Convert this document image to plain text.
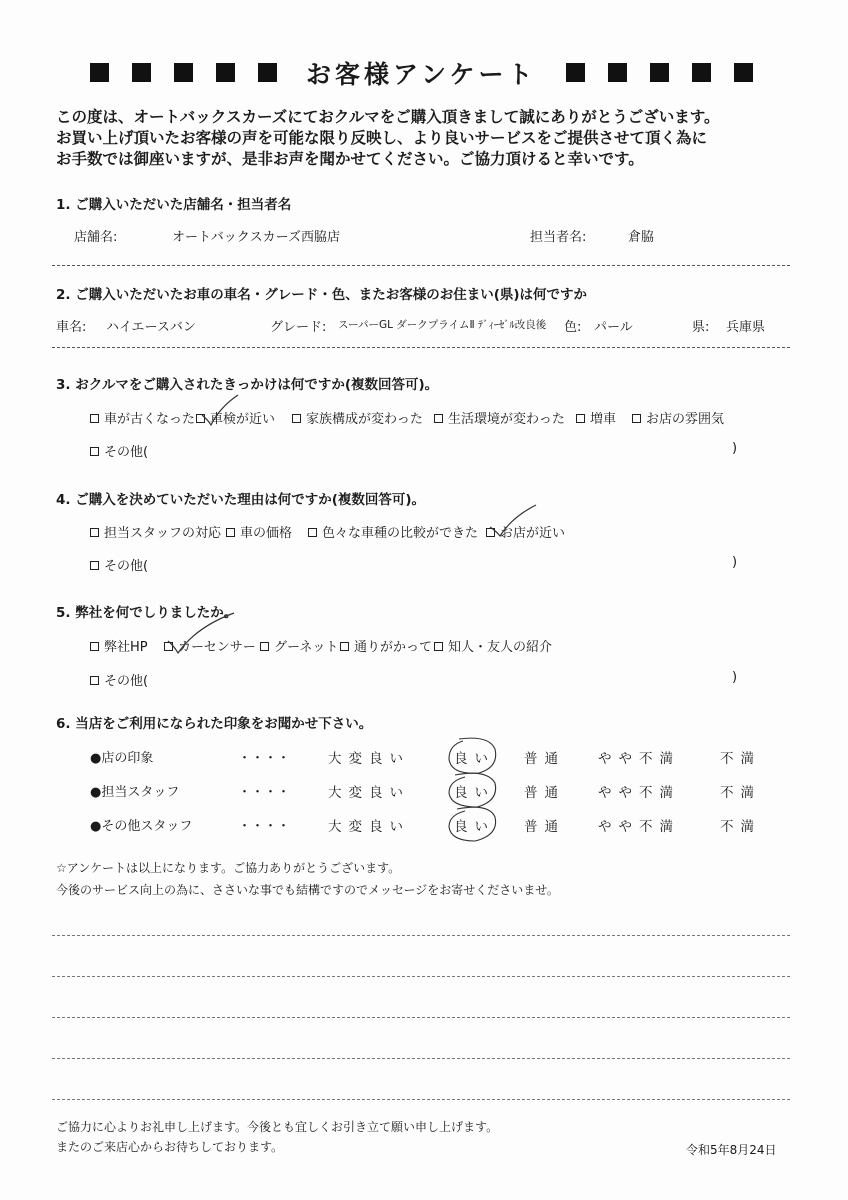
お客様アンケート
この度は、オートバックスカーズにておクルマをご購入頂きまして誠にありがとうございます。
お買い上げ頂いたお客様の声を可能な限り反映し、より良いサービスをご提供させて頂く為に
お手数では御座いますが、是非お声を聞かせてください。ご協力頂けると幸いです。
1. ご購入いただいた店舗名・担当者名
店舗名:	オートバックスカーズ西脇店	担当者名:	倉脇
2. ご購入いただいたお車の車名・グレード・色、またお客様のお住まい(県)は何ですか
車名: ハイエースバン	グレード: スーパーGL ダークプライムⅡ ﾃﾞｨｰｾﾞﾙ改良後 色: パール	県: 兵庫県
3. おクルマをご購入されたきっかけは何ですか(複数回答可)。
車が古くなった	車検が近い	家族構成が変わった	生活環境が変わった	増車	お店の雰囲気
その他(	)
4. ご購入を決めていただいた理由は何ですか(複数回答可)。
担当スタッフの対応	車の価格	色々な車種の比較ができた	お店が近い
その他(	)
5. 弊社を何でしりましたか。
弊社HP	カーセンサー	グーネット	通りがかって	知人・友人の紹介
その他(	)
6. 当店をご利用になられた印象をお聞かせ下さい。
●店の印象	・・・・	大変良い	良い 普通 やや不満	不満
●担当スタッフ	・・・・	大変良い	良い 普通 やや不満	不満
●その他スタッフ	・・・・	大変良い	良い 普通 やや不満	不満
☆アンケートは以上になります。ご協力ありがとうございます。
今後のサービス向上の為に、ささいな事でも結構ですのでメッセージをお寄せくださいませ。
ご協力に心よりお礼申し上げます。今後とも宜しくお引き立て願い申し上げます。
またのご来店心からお待ちしております。	令和5年8月24日
